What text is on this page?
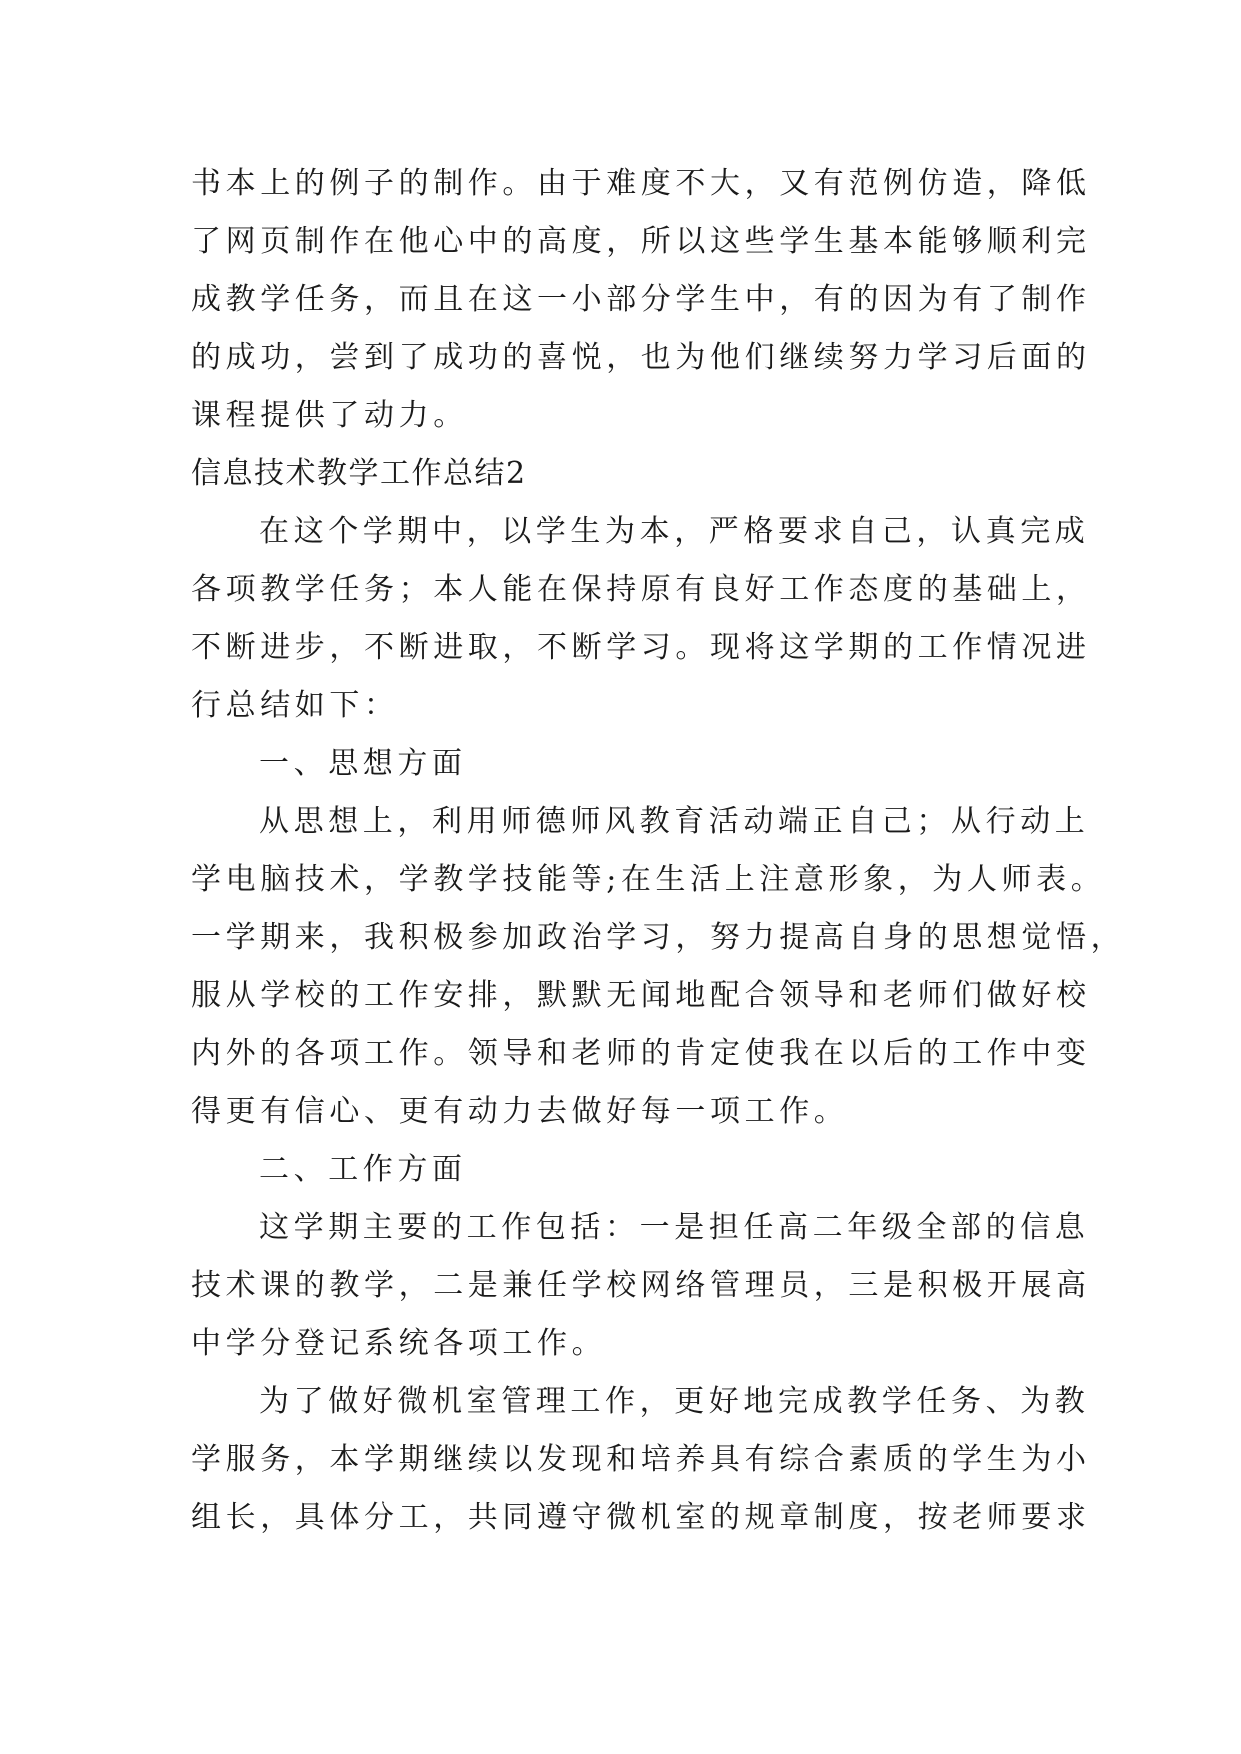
书本上的例子的制作。由于难度不大，又有范例仿造，降低
了网页制作在他心中的高度，所以这些学生基本能够顺利完
成教学任务，而且在这一小部分学生中，有的因为有了制作
的成功，尝到了成功的喜悦，也为他们继续努力学习后面的
课程提供了动力。
信息技术教学工作总结2
在这个学期中，以学生为本，严格要求自己，认真完成
各项教学任务；本人能在保持原有良好工作态度的基础上，
不断进步，不断进取，不断学习。现将这学期的工作情况进
行总结如下：
一、思想方面
从思想上，利用师德师风教育活动端正自己；从行动上
学电脑技术，学教学技能等;在生活上注意形象，为人师表。
一学期来，我积极参加政治学习，努力提高自身的思想觉悟，
服从学校的工作安排，默默无闻地配合领导和老师们做好校
内外的各项工作。领导和老师的肯定使我在以后的工作中变
得更有信心、更有动力去做好每一项工作。
二、工作方面
这学期主要的工作包括：一是担任高二年级全部的信息
技术课的教学，二是兼任学校网络管理员，三是积极开展高
中学分登记系统各项工作。
为了做好微机室管理工作，更好地完成教学任务、为教
学服务，本学期继续以发现和培养具有综合素质的学生为小
组长，具体分工，共同遵守微机室的规章制度，按老师要求
